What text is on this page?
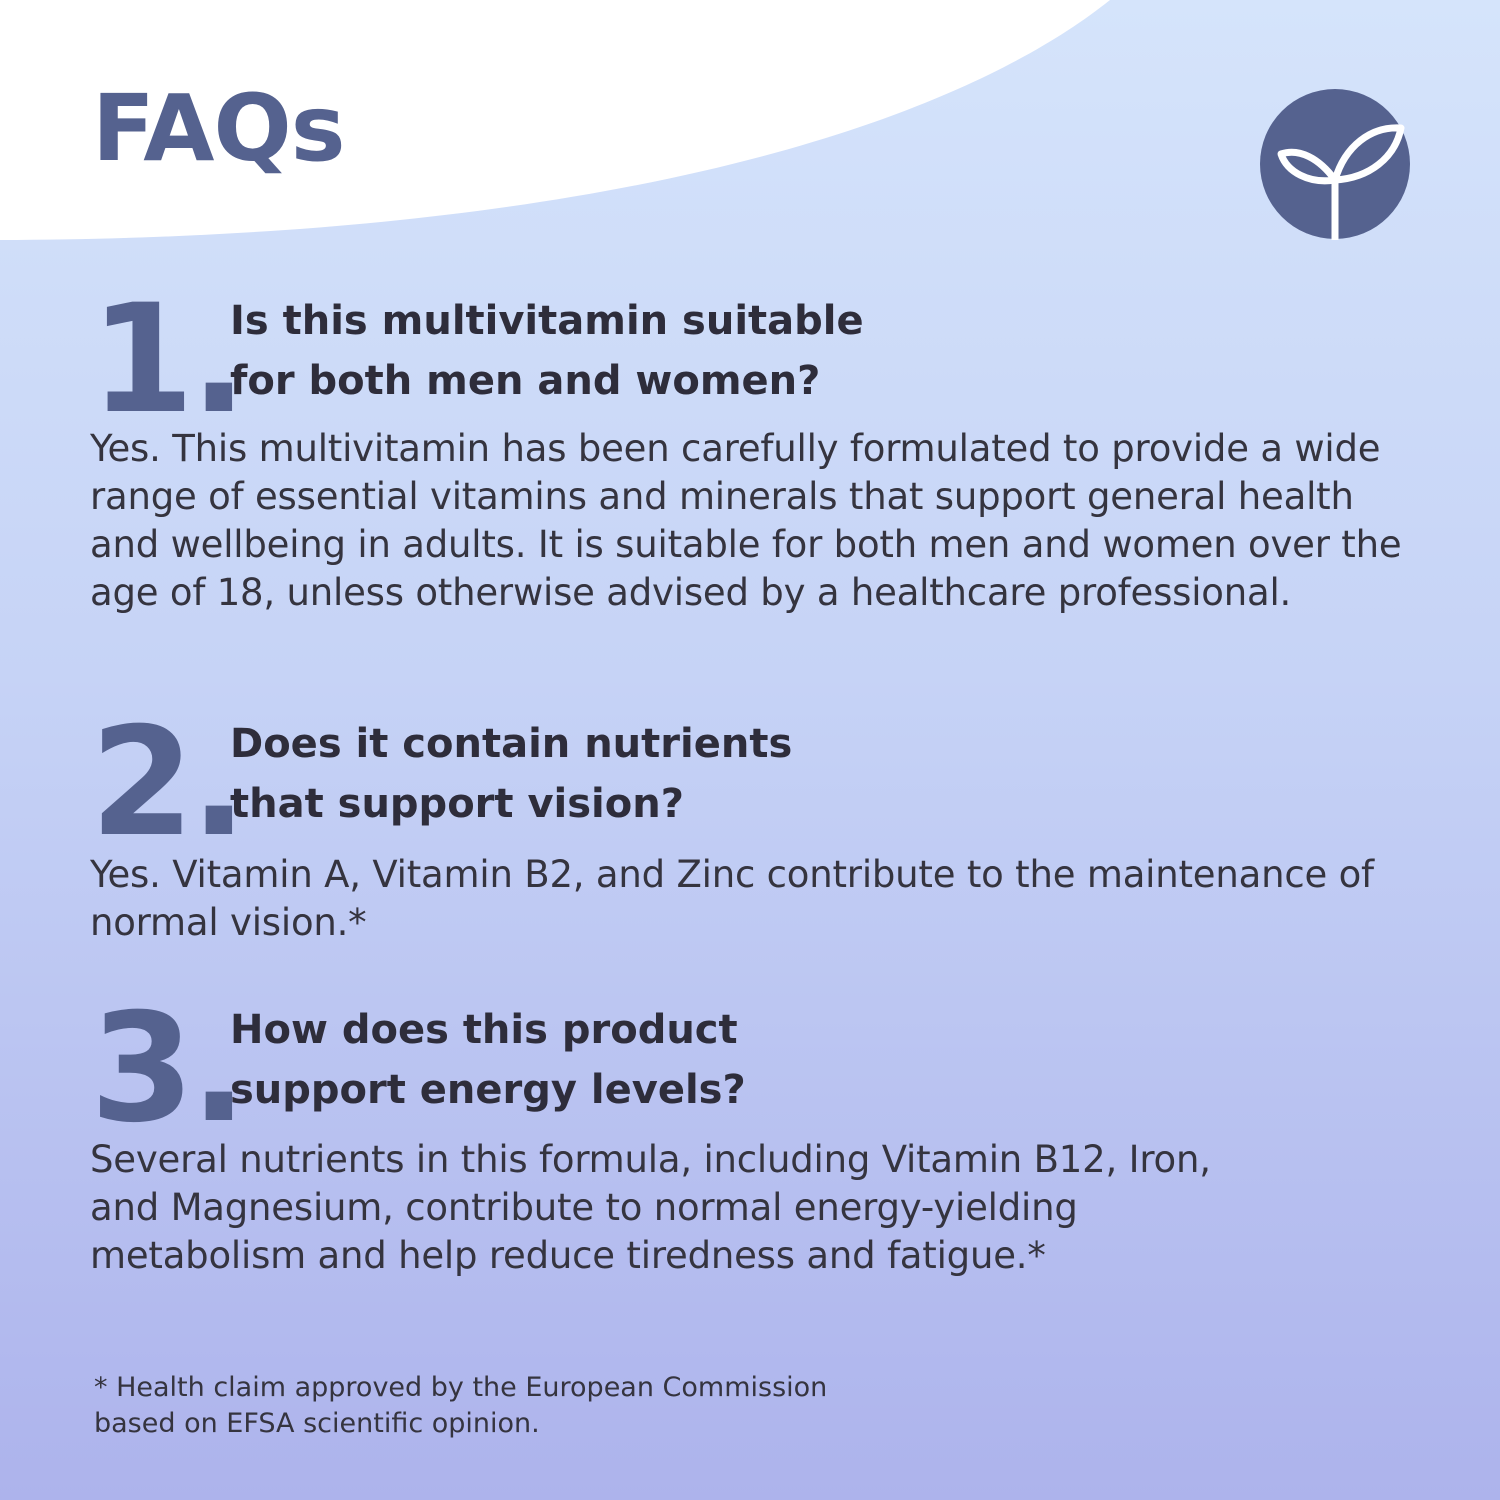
FAQs
1.

Is this multivitamin suitable
for both men and women?

Yes. This multivitamin has been carefully formulated to provide a wide range of essential vitamins and minerals that support general health and wellbeing in adults. It is suitable for both men and women over the age of 18, unless otherwise advised by a healthcare professional.

2.

Does it contain nutrients
that support vision?

Yes. Vitamin A, Vitamin B2, and Zinc contribute to the maintenance of normal vision.*

3.

How does this product
support energy levels?

Several nutrients in this formula, including Vitamin B12, Iron, and Magnesium, contribute to normal energy-yielding metabolism and help reduce tiredness and fatigue.*

* Health claim approved by the European Commission
based on EFSA scientific opinion.
